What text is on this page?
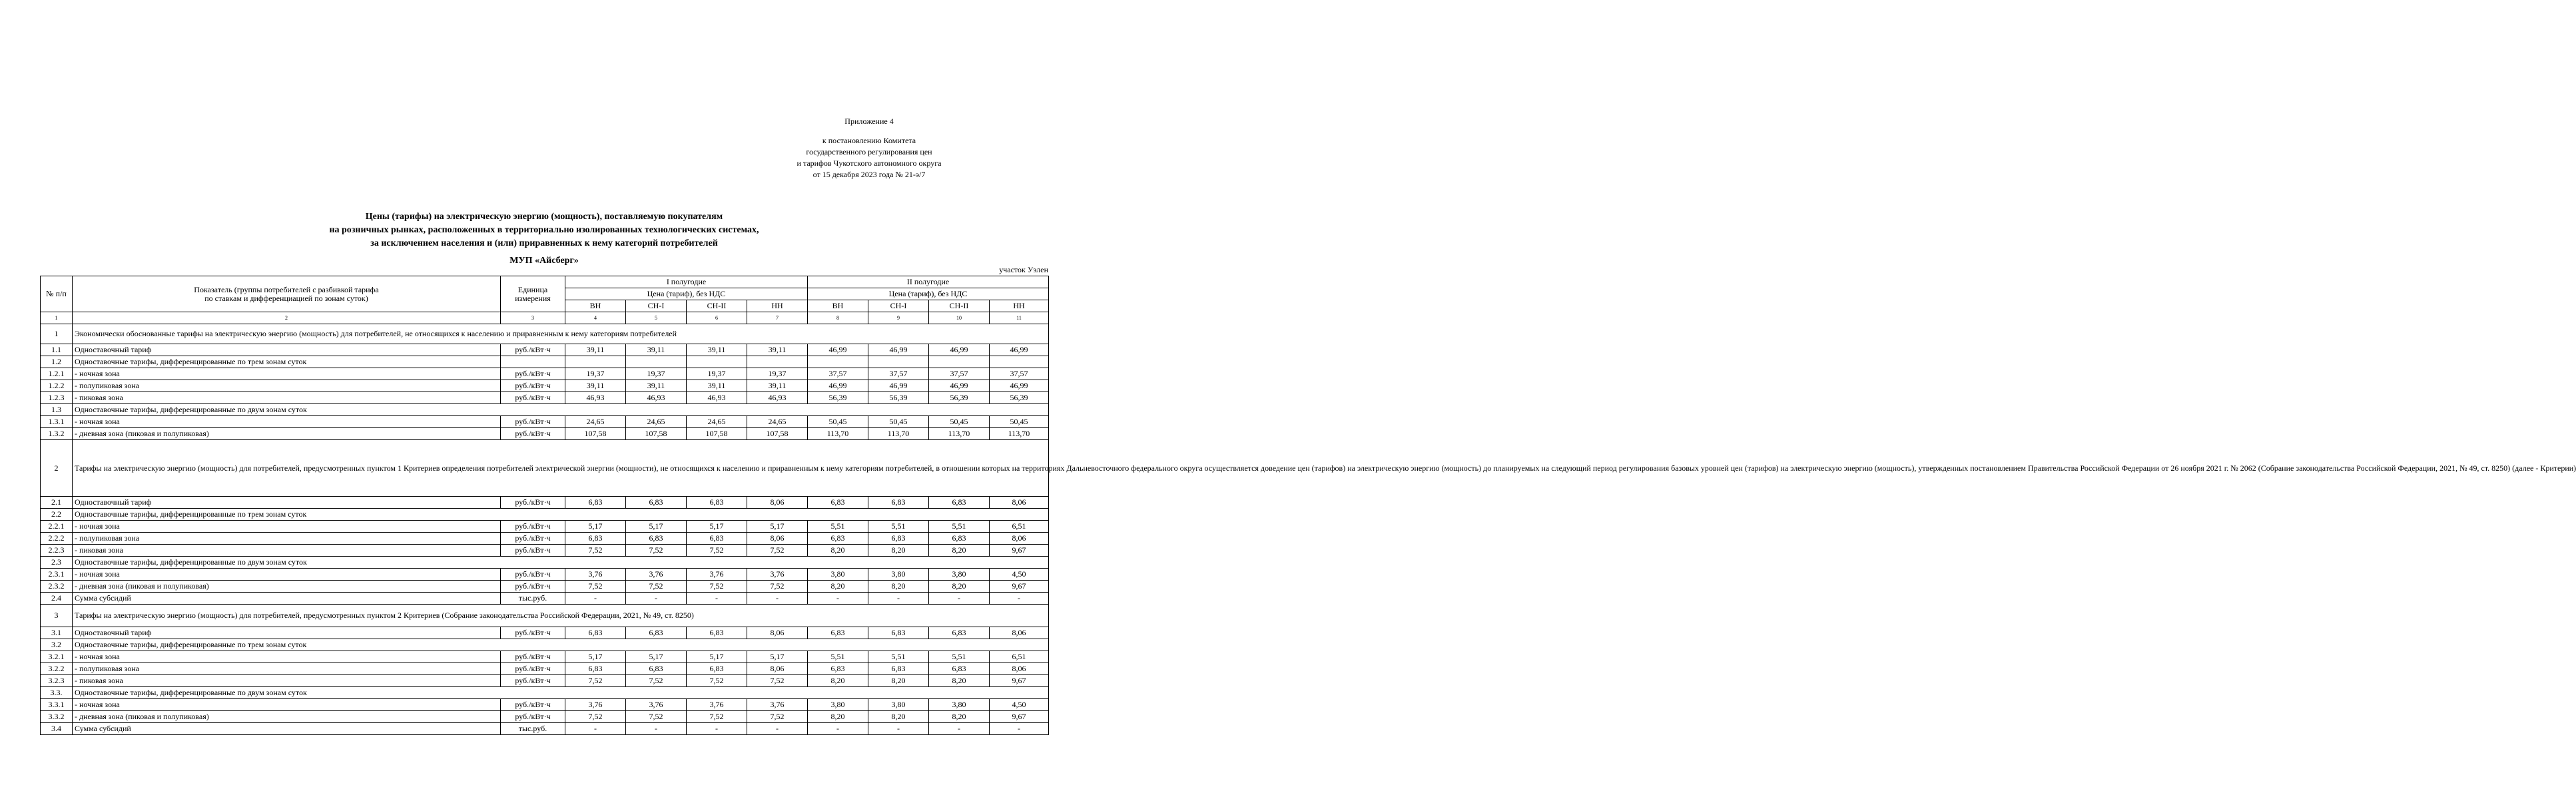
Приложение 4
к постановлению Комитета
государственного регулирования цен
и тарифов Чукотского автономного округа
от 15 декабря 2023 года № 21-э/7
Цены (тарифы) на электрическую энергию (мощность), поставляемую покупателям
на розничных рынках, расположенных в территориально изолированных технологических системах,
за исключением населения и (или) приравненных к нему категорий потребителей
МУП «Айсберг»
участок Уэлен
№ п/п	Показатель (группы потребителей с разбивкой тарифа по ставкам и дифференциацией по зонам суток)	Единица измерения	I полугодие				II полугодие			
			Цена (тариф), без НДС				Цена (тариф), без НДС			
			ВН	СН-I	СН-II	НН	ВН	СН-I	СН-II	НН
1	2	3	4	5	6	7	8	9	10	11
1	Экономически обоснованные тарифы на электрическую энергию (мощность) для потребителей, не относящихся к населению и приравненным к нему категориям потребителей									
1.1	Одноставочный тариф	руб./кВт·ч	39,11	39,11	39,11	39,11	46,99	46,99	46,99	46,99
1.2	Одноставочные тарифы, дифференцированные по трем зонам суток									
1.2.1	- ночная зона	руб./кВт·ч	19,37	19,37	19,37	19,37	37,57	37,57	37,57	37,57
1.2.2	- полупиковая зона	руб./кВт·ч	39,11	39,11	39,11	39,11	46,99	46,99	46,99	46,99
1.2.3	- пиковая зона	руб./кВт·ч	46,93	46,93	46,93	46,93	56,39	56,39	56,39	56,39
1.3	Одноставочные тарифы, дифференцированные по двум зонам суток									
1.3.1	- ночная зона	руб./кВт·ч	24,65	24,65	24,65	24,65	50,45	50,45	50,45	50,45
1.3.2	- дневная зона (пиковая и полупиковая)	руб./кВт·ч	107,58	107,58	107,58	107,58	113,70	113,70	113,70	113,70
2	Тарифы на электрическую энергию (мощность) для потребителей, предусмотренных пунктом 1 Критериев определения потребителей электрической энергии (мощности), не относящихся к населению и приравненным к нему категориям потребителей, в отношении которых на территориях Дальневосточного федерального округа осуществляется доведение цен (тарифов) на электрическую энергию (мощность) до планируемых на следующий период регулирования базовых уровней цен (тарифов) на электрическую энергию (мощность), утвержденных постановлением Правительства Российской Федерации от 26 ноября 2021 г. № 2062 (Собрание законодательства Российской Федерации, 2021, № 49, ст. 8250) (далее - Критерии)									
2.1	Одноставочный тариф	руб./кВт·ч	6,83	6,83	6,83	8,06	6,83	6,83	6,83	8,06
2.2	Одноставочные тарифы, дифференцированные по трем зонам суток									
2.2.1	- ночная зона	руб./кВт·ч	5,17	5,17	5,17	5,17	5,51	5,51	5,51	6,51
2.2.2	- полупиковая зона	руб./кВт·ч	6,83	6,83	6,83	8,06	6,83	6,83	6,83	8,06
2.2.3	- пиковая зона	руб./кВт·ч	7,52	7,52	7,52	7,52	8,20	8,20	8,20	9,67
2.3	Одноставочные тарифы, дифференцированные по двум зонам суток									
2.3.1	- ночная зона	руб./кВт·ч	3,76	3,76	3,76	3,76	3,80	3,80	3,80	4,50
2.3.2	- дневная зона (пиковая и полупиковая)	руб./кВт·ч	7,52	7,52	7,52	7,52	8,20	8,20	8,20	9,67
2.4	Сумма субсидий	тыс.руб.	-	-	-	-	-	-	-	-
3	Тарифы на электрическую энергию (мощность) для потребителей, предусмотренных пунктом 2 Критериев (Собрание законодательства Российской Федерации, 2021, № 49, ст. 8250)									
3.1	Одноставочный тариф	руб./кВт·ч	6,83	6,83	6,83	8,06	6,83	6,83	6,83	8,06
3.2	Одноставочные тарифы, дифференцированные по трем зонам суток									
3.2.1	- ночная зона	руб./кВт·ч	5,17	5,17	5,17	5,17	5,51	5,51	5,51	6,51
3.2.2	- полупиковая зона	руб./кВт·ч	6,83	6,83	6,83	8,06	6,83	6,83	6,83	8,06
3.2.3	- пиковая зона	руб./кВт·ч	7,52	7,52	7,52	7,52	8,20	8,20	8,20	9,67
3.3.	Одноставочные тарифы, дифференцированные по двум зонам суток									
3.3.1	- ночная зона	руб./кВт·ч	3,76	3,76	3,76	3,76	3,80	3,80	3,80	4,50
3.3.2	- дневная зона (пиковая и полупиковая)	руб./кВт·ч	7,52	7,52	7,52	7,52	8,20	8,20	8,20	9,67
3.4	Сумма субсидий	тыс.руб.	-	-	-	-	-	-	-	-
